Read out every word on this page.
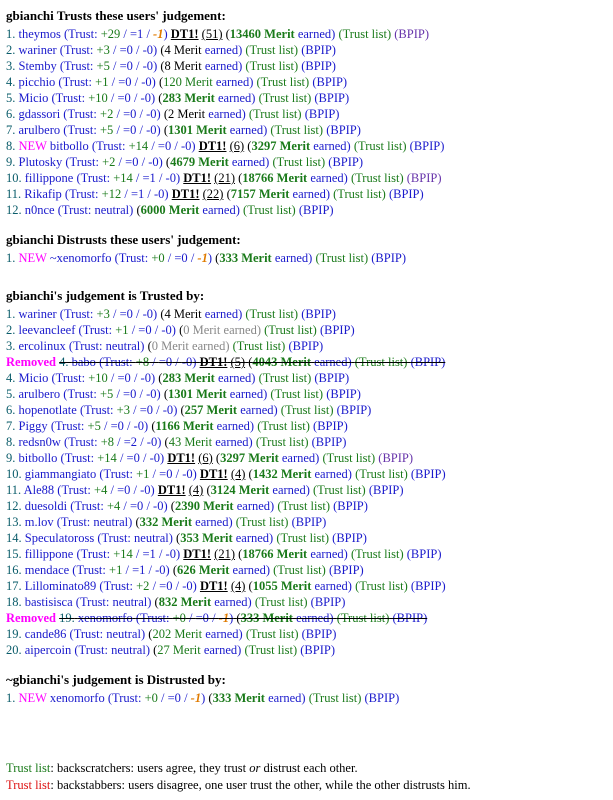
gbianchi Trusts these users' judgement:
1. theymos (Trust: +29 / =1 / -1) DT1! (51) (13460 Merit earned) (Trust list) (BPIP)
2. wariner (Trust: +3 / =0 / -0) (4 Merit earned) (Trust list) (BPIP)
3. Stemby (Trust: +5 / =0 / -0) (8 Merit earned) (Trust list) (BPIP)
4. picchio (Trust: +1 / =0 / -0) (120 Merit earned) (Trust list) (BPIP)
5. Micio (Trust: +10 / =0 / -0) (283 Merit earned) (Trust list) (BPIP)
6. gdassori (Trust: +2 / =0 / -0) (2 Merit earned) (Trust list) (BPIP)
7. arulbero (Trust: +5 / =0 / -0) (1301 Merit earned) (Trust list) (BPIP)
8. NEW bitbollo (Trust: +14 / =0 / -0) DT1! (6) (3297 Merit earned) (Trust list) (BPIP)
9. Plutosky (Trust: +2 / =0 / -0) (4679 Merit earned) (Trust list) (BPIP)
10. fillippone (Trust: +14 / =1 / -0) DT1! (21) (18766 Merit earned) (Trust list) (BPIP)
11. Rikafip (Trust: +12 / =1 / -0) DT1! (22) (7157 Merit earned) (Trust list) (BPIP)
12. n0nce (Trust: neutral) (6000 Merit earned) (Trust list) (BPIP)
gbianchi Distrusts these users' judgement:
1. NEW ~xenomorfo (Trust: +0 / =0 / -1) (333 Merit earned) (Trust list) (BPIP)
gbianchi's judgement is Trusted by:
1. wariner (Trust: +3 / =0 / -0) (4 Merit earned) (Trust list) (BPIP)
2. leevancleef (Trust: +1 / =0 / -0) (0 Merit earned) (Trust list) (BPIP)
3. ercolinux (Trust: neutral) (0 Merit earned) (Trust list) (BPIP)
Removed 4. babo (Trust: +8 / =0 / -0) DT1! (5) (4043 Merit earned) (Trust list) (BPIP)
4. Micio (Trust: +10 / =0 / -0) (283 Merit earned) (Trust list) (BPIP)
5. arulbero (Trust: +5 / =0 / -0) (1301 Merit earned) (Trust list) (BPIP)
6. hopenotlate (Trust: +3 / =0 / -0) (257 Merit earned) (Trust list) (BPIP)
7. Piggy (Trust: +5 / =0 / -0) (1166 Merit earned) (Trust list) (BPIP)
8. redsn0w (Trust: +8 / =2 / -0) (43 Merit earned) (Trust list) (BPIP)
9. bitbollo (Trust: +14 / =0 / -0) DT1! (6) (3297 Merit earned) (Trust list) (BPIP)
10. giammangiato (Trust: +1 / =0 / -0) DT1! (4) (1432 Merit earned) (Trust list) (BPIP)
11. Ale88 (Trust: +4 / =0 / -0) DT1! (4) (3124 Merit earned) (Trust list) (BPIP)
12. duesoldi (Trust: +4 / =0 / -0) (2390 Merit earned) (Trust list) (BPIP)
13. m.lov (Trust: neutral) (332 Merit earned) (Trust list) (BPIP)
14. Speculatoross (Trust: neutral) (353 Merit earned) (Trust list) (BPIP)
15. fillippone (Trust: +14 / =1 / -0) DT1! (21) (18766 Merit earned) (Trust list) (BPIP)
16. mendace (Trust: +1 / =1 / -0) (626 Merit earned) (Trust list) (BPIP)
17. Lillominato89 (Trust: +2 / =0 / -0) DT1! (4) (1055 Merit earned) (Trust list) (BPIP)
18. bastisisca (Trust: neutral) (832 Merit earned) (Trust list) (BPIP)
Removed 19. xenomorfo (Trust: +0 / =0 / -1) (333 Merit earned) (Trust list) (BPIP)
19. cande86 (Trust: neutral) (202 Merit earned) (Trust list) (BPIP)
20. aipercoin (Trust: neutral) (27 Merit earned) (Trust list) (BPIP)
~gbianchi's judgement is Distrusted by:
1. NEW xenomorfo (Trust: +0 / =0 / -1) (333 Merit earned) (Trust list) (BPIP)
Trust list: backscratchers: users agree, they trust or distrust each other.
Trust list: backstabbers: users disagree, one user trust the other, while the other distrusts him.
